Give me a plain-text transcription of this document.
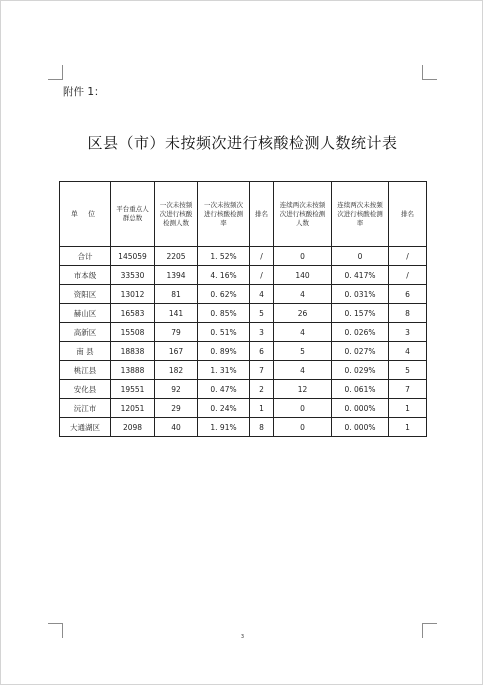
附件 1：
区县（市）未按频次进行核酸检测人数统计表
单 位	平台重点人群总数	一次未按频次进行核酸检测人数	一次未按频次进行核酸检测率	排名	连续两次未按频次进行核酸检测人数	连续两次未按频次进行核酸检测率	排名
合计	145059	2205	1. 52%	/	0	0	/
市本级	33530	1394	4. 16%	/	140	0. 417%	/
资阳区	13012	81	0. 62%	4	4	0. 031%	6
赫山区	16583	141	0. 85%	5	26	0. 157%	8
高新区	15508	79	0. 51%	3	4	0. 026%	3
南 县	18838	167	0. 89%	6	5	0. 027%	4
桃江县	13888	182	1. 31%	7	4	0. 029%	5
安化县	19551	92	0. 47%	2	12	0. 061%	7
沅江市	12051	29	0. 24%	1	0	0. 000%	1
大通湖区	2098	40	1. 91%	8	0	0. 000%	1
3
